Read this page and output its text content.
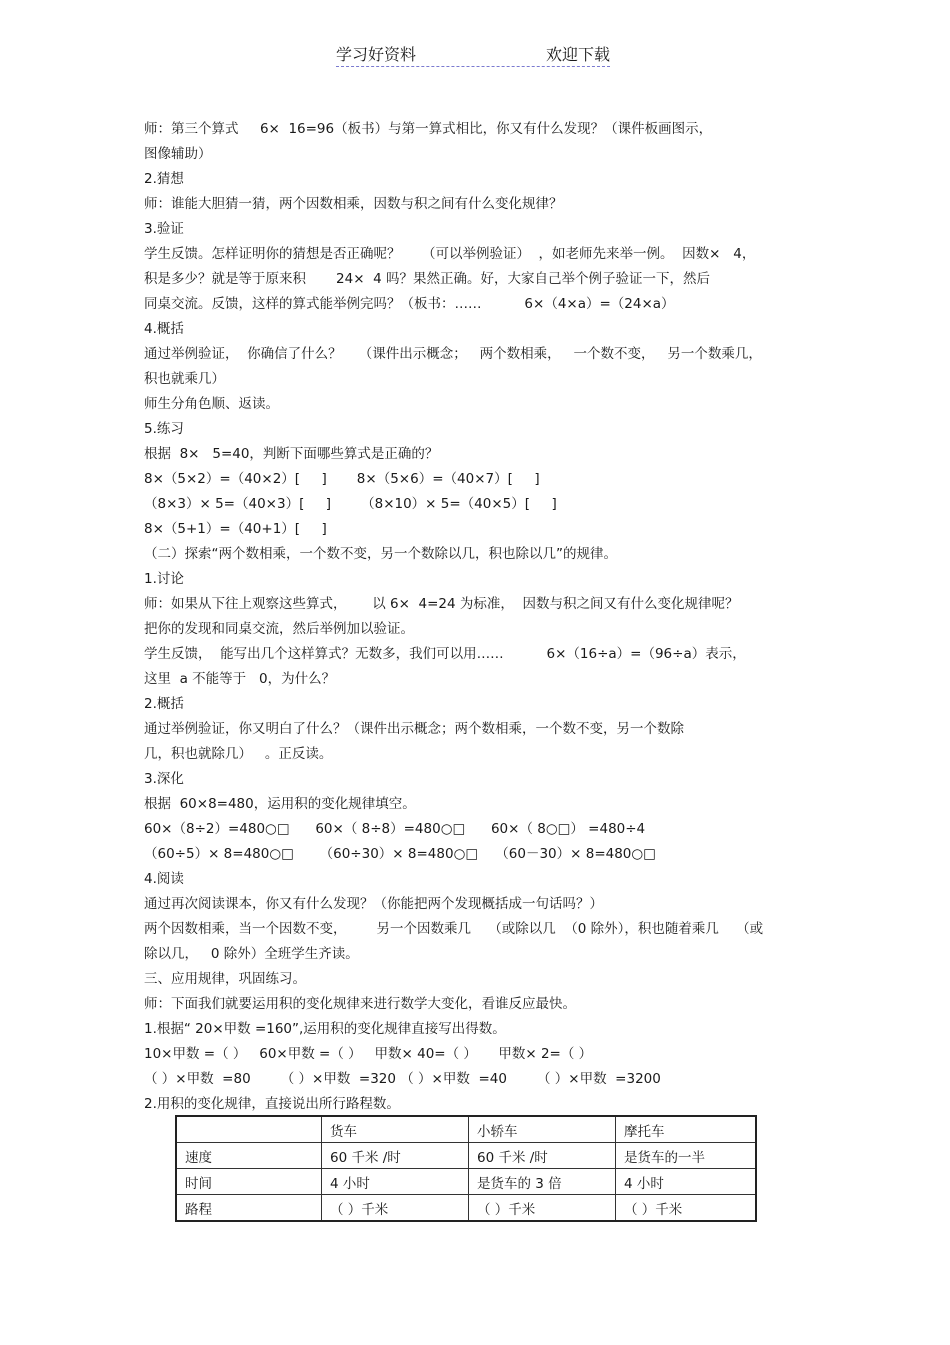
学习好资料	欢迎下载
师：第三个算式     6×  16=96（板书）与第一算式相比，你又有什么发现？（课件板画图示，
图像辅助）
2.猜想
师：谁能大胆猜一猜，两个因数相乘，因数与积之间有什么变化规律？
3.验证
学生反馈。怎样证明你的猜想是否正确呢？     （可以举例验证）  ，如老师先来举一例。  因数×   4，
积是多少？就是等于原来积       24×  4 吗？果然正确。好，大家自己举个例子验证一下，然后
同桌交流。反馈，这样的算式能举例完吗？（板书：……          6×（4×a）=（24×a）
4.概括
通过举例验证，  你确信了什么？    （课件出示概念；   两个数相乘，   一个数不变，   另一个数乘几，
积也就乘几）
师生分角色顺、返读。
5.练习
根据  8×   5=40，判断下面哪些算式是正确的？
8×（5×2）=（40×2）[     ]       8×（5×6）=（40×7）[     ]
（8×3）× 5=（40×3）[     ]       （8×10）× 5=（40×5）[     ]
8×（5+1）=（40+1）[     ]
（二）探索“两个数相乘，一个数不变，另一个数除以几，积也除以几”的规律。
1.讨论
师：如果从下往上观察这些算式，      以 6×  4=24 为标准，  因数与积之间又有什么变化规律呢？
把你的发现和同桌交流，然后举例加以验证。
学生反馈，  能写出几个这样算式？无数多，我们可以用……          6×（16÷a）=（96÷a）表示，
这里  a 不能等于   0，为什么？
2.概括
通过举例验证，你又明白了什么？（课件出示概念；两个数相乘，一个数不变，另一个数除
几，积也就除几）   。正反读。
3.深化
根据  60×8=480，运用积的变化规律填空。
60×（8÷2）=480○□      60×（ 8÷8）=480○□      60×（ 8○□） =480÷4
（60÷5）× 8=480○□      （60÷30）× 8=480○□    （60－30）× 8=480○□
4.阅读
通过再次阅读课本，你又有什么发现？（你能把两个发现概括成一句话吗？）
两个因数相乘，当一个因数不变，       另一个因数乘几    （或除以几  （0 除外），积也随着乘几    （或
除以几，   0 除外）全班学生齐读。
三、应用规律，巩固练习。
师：下面我们就要运用积的变化规律来进行数学大变化，看谁反应最快。
1.根据“ 20×甲数 =160”,运用积的变化规律直接写出得数。
10×甲数 =（ ）   60×甲数 =（ ）   甲数× 40=（ ）     甲数× 2=（ ）
（ ）×甲数  =80       （ ）×甲数  =320 （ ）×甲数  =40       （ ）×甲数  =3200
2.用积的变化规律，直接说出所行路程数。
	货车	小轿车	摩托车
速度	60 千米 /时	60 千米 /时	是货车的一半
时间	4 小时	是货车的 3 倍	4 小时
路程	（ ）千米	（ ）千米	（ ）千米
